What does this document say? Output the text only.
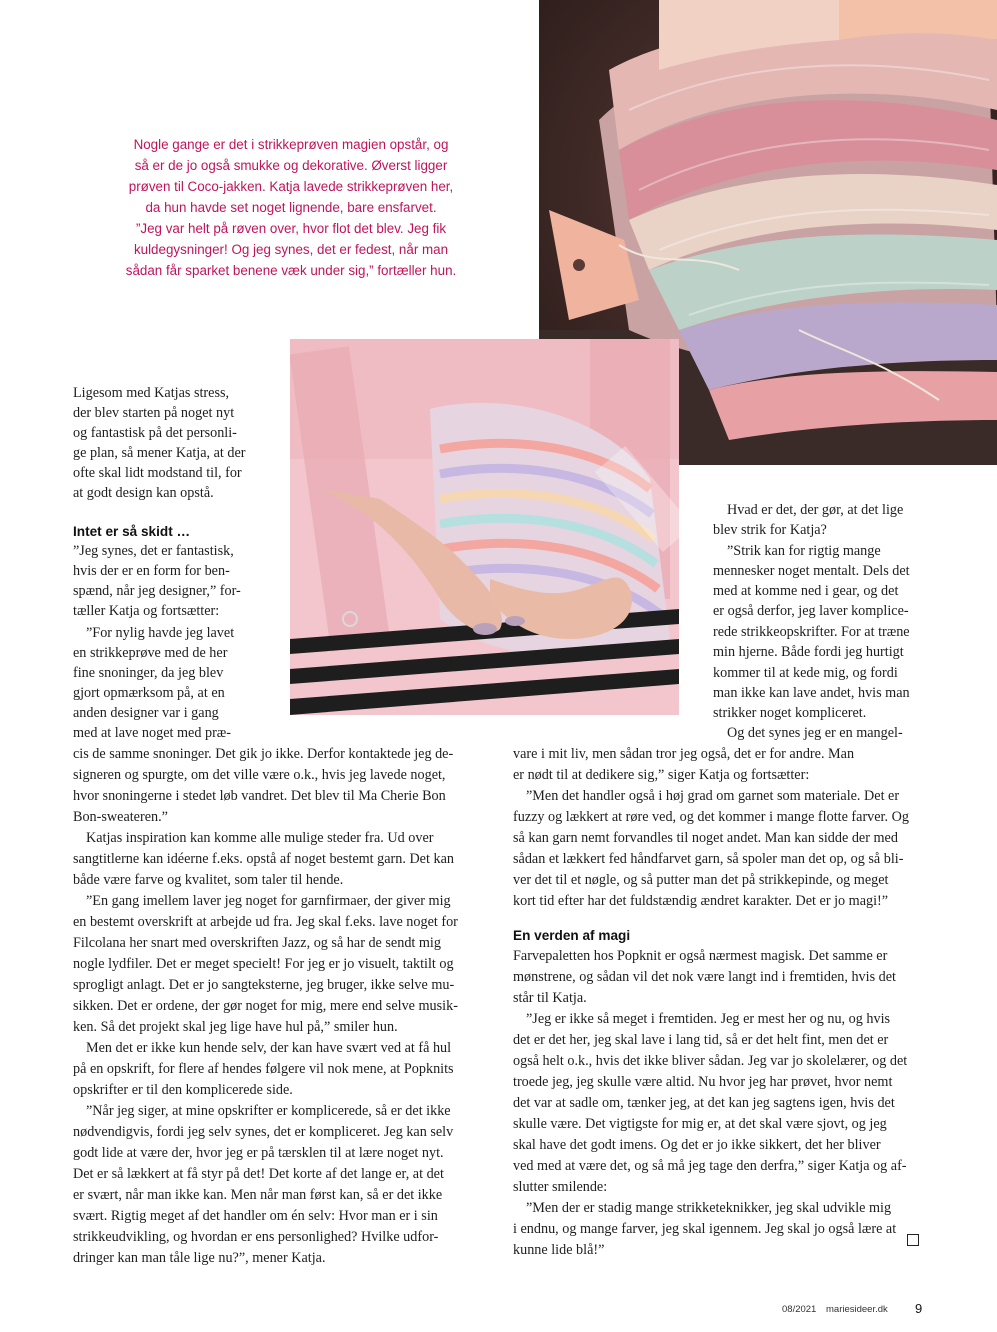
Nogle gange er det i strikkeprøven magien opstår, og
så er de jo også smukke og dekorative. Øverst ligger
prøven til Coco-jakken. Katja lavede strikkeprøven her,
da hun havde set noget lignende, bare ensfarvet.
”Jeg var helt på røven over, hvor flot det blev. Jeg fik
kuldegysninger! Og jeg synes, det er fedest, når man
sådan får sparket benene væk under sig,” fortæller hun.
Ligesom med Katjas stress,
der blev starten på noget nyt
og fantastisk på det personli-
ge plan, så mener Katja, at der
ofte skal lidt modstand til, for
at godt design kan opstå.
Intet er så skidt …
”Jeg synes, det er fantastisk,
hvis der er en form for ben-
spænd, når jeg designer,” for-
tæller Katja og fortsætter:
”For nylig havde jeg lavet
en strikkeprøve med de her
fine snoninger, da jeg blev
gjort opmærksom på, at en
anden designer var i gang
med at lave noget med præ-
cis de samme snoninger. Det gik jo ikke. Derfor kontaktede jeg de-
signeren og spurgte, om det ville være o.k., hvis jeg lavede noget,
hvor snoningerne i stedet løb vandret. Det blev til Ma Cherie Bon
Bon-sweateren.”
Katjas inspiration kan komme alle mulige steder fra. Ud over
sangtitlerne kan idéerne f.eks. opstå af noget bestemt garn. Det kan
både være farve og kvalitet, som taler til hende.
”En gang imellem laver jeg noget for garnfirmaer, der giver mig
en bestemt overskrift at arbejde ud fra. Jeg skal f.eks. lave noget for
Filcolana her snart med overskriften Jazz, og så har de sendt mig
nogle lydfiler. Det er meget specielt! For jeg er jo visuelt, taktilt og
sprogligt anlagt. Det er jo sangteksterne, jeg bruger, ikke selve mu-
sikken. Det er ordene, der gør noget for mig, mere end selve musik-
ken. Så det projekt skal jeg lige have hul på,” smiler hun.
Men det er ikke kun hende selv, der kan have svært ved at få hul
på en opskrift, for flere af hendes følgere vil nok mene, at Popknits
opskrifter er til den komplicerede side.
”Når jeg siger, at mine opskrifter er komplicerede, så er det ikke
nødvendigvis, fordi jeg selv synes, det er kompliceret. Jeg kan selv
godt lide at være der, hvor jeg er på tærsklen til at lære noget nyt.
Det er så lækkert at få styr på det! Det korte af det lange er, at det
er svært, når man ikke kan. Men når man først kan, så er det ikke
svært. Rigtig meget af det handler om én selv: Hvor man er i sin
strikkeudvikling, og hvordan er ens personlighed? Hvilke udfor-
dringer kan man tåle lige nu?”, mener Katja.
Hvad er det, der gør, at det lige
blev strik for Katja?
”Strik kan for rigtig mange
mennesker noget mentalt. Dels det
med at komme ned i gear, og det
er også derfor, jeg laver komplice-
rede strikkeopskrifter. For at træne
min hjerne. Både fordi jeg hurtigt
kommer til at kede mig, og fordi
man ikke kan lave andet, hvis man
strikker noget kompliceret.
Og det synes jeg er en mangel-
vare i mit liv, men sådan tror jeg også, det er for andre. Man
er nødt til at dedikere sig,” siger Katja og fortsætter:
”Men det handler også i høj grad om garnet som materiale. Det er
fuzzy og lækkert at røre ved, og det kommer i mange flotte farver. Og
så kan garn nemt forvandles til noget andet. Man kan sidde der med
sådan et lækkert fed håndfarvet garn, så spoler man det op, og så bli-
ver det til et nøgle, og så putter man det på strikkepinde, og meget
kort tid efter har det fuldstændig ændret karakter. Det er jo magi!”
En verden af magi
Farvepaletten hos Popknit er også nærmest magisk. Det samme er
mønstrene, og sådan vil det nok være langt ind i fremtiden, hvis det
står til Katja.
”Jeg er ikke så meget i fremtiden. Jeg er mest her og nu, og hvis
det er det her, jeg skal lave i lang tid, så er det helt fint, men det er
også helt o.k., hvis det ikke bliver sådan. Jeg var jo skolelærer, og det
troede jeg, jeg skulle være altid. Nu hvor jeg har prøvet, hvor nemt
det var at sadle om, tænker jeg, at det kan jeg sagtens igen, hvis det
skulle være. Det vigtigste for mig er, at det skal være sjovt, og jeg
skal have det godt imens. Og det er jo ikke sikkert, det her bliver
ved med at være det, og så må jeg tage den derfra,” siger Katja og af-
slutter smilende:
”Men der er stadig mange strikketeknikker, jeg skal udvikle mig
i endnu, og mange farver, jeg skal igennem. Jeg skal jo også lære at
kunne lide blå!”
08/2021 mariesideer.dk 9
